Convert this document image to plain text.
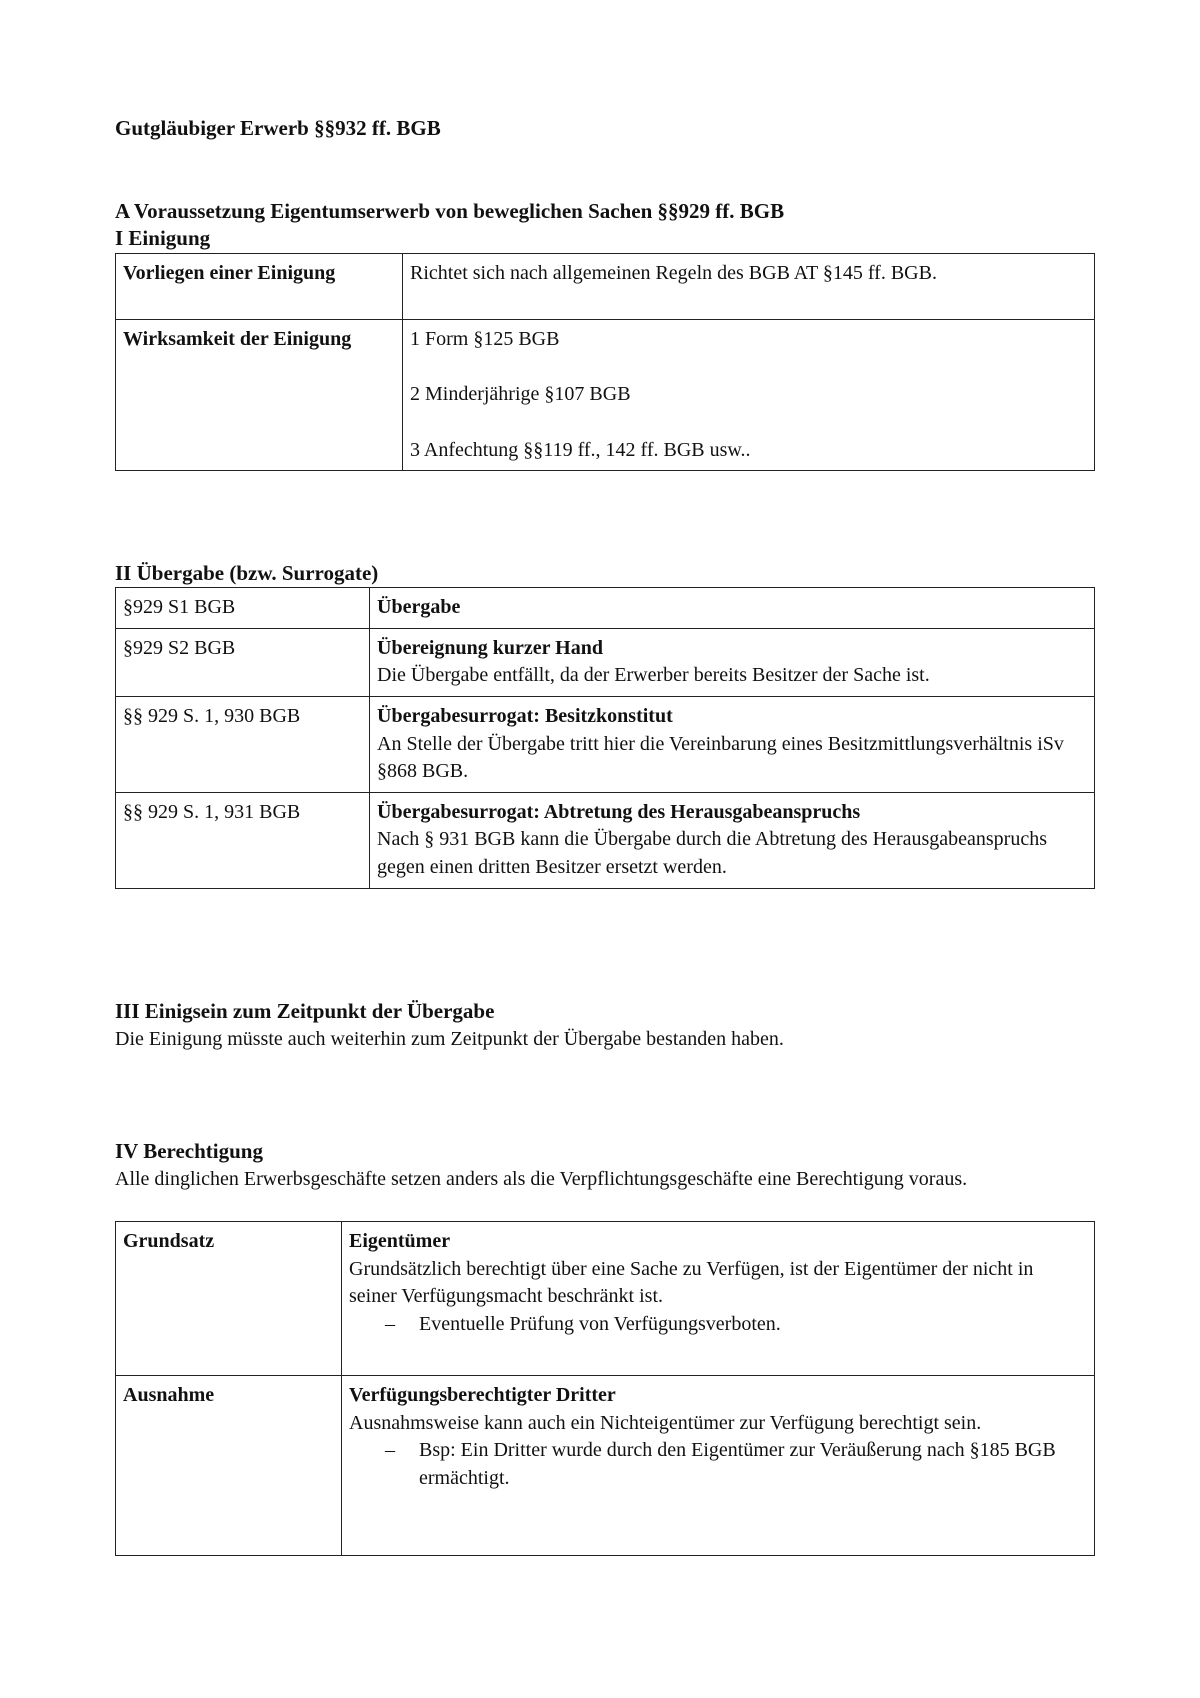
Gutgläubiger Erwerb §§932 ff. BGB

A Voraussetzung Eigentumserwerb von beweglichen Sachen §§929 ff. BGB

I Einigung

Vorliegen einer Einigung	Richtet sich nach allgemeinen Regeln des BGB AT §145 ff. BGB.
Wirksamkeit der Einigung	1 Form §125 BGB
2 Minderjährige §107 BGB
3 Anfechtung §§119 ff., 142 ff. BGB usw..

II Übergabe (bzw. Surrogate)

§929 S1 BGB	Übergabe

§929 S2 BGB	Übereignung kurzer Hand
Die Übergabe entfällt, da der Erwerber bereits Besitzer der Sache ist.

§§ 929 S. 1, 930 BGB	Übergabesurrogat: Besitzkonstitut
An Stelle der Übergabe tritt hier die Vereinbarung eines Besitzmittlungsverhältnis iSv §868 BGB.

§§ 929 S. 1, 931 BGB	Übergabesurrogat: Abtretung des Herausgabeanspruchs
Nach § 931 BGB kann die Übergabe durch die Abtretung des Herausgabeanspruchs gegen einen dritten Besitzer ersetzt werden.

III Einigsein zum Zeitpunkt der Übergabe

Die Einigung müsste auch weiterhin zum Zeitpunkt der Übergabe bestanden haben.

IV Berechtigung

Alle dinglichen Erwerbsgeschäfte setzen anders als die Verpflichtungsgeschäfte eine Berechtigung voraus.

Grundsatz	Eigentümer
Grundsätzlich berechtigt über eine Sache zu Verfügen, ist der Eigentümer der nicht in seiner Verfügungsmacht beschränkt ist.
– Eventuelle Prüfung von Verfügungsverboten.

Ausnahme	Verfügungsberechtigter Dritter
Ausnahmsweise kann auch ein Nichteigentümer zur Verfügung berechtigt sein.
– Bsp: Ein Dritter wurde durch den Eigentümer zur Veräußerung nach §185 BGB ermächtigt.
